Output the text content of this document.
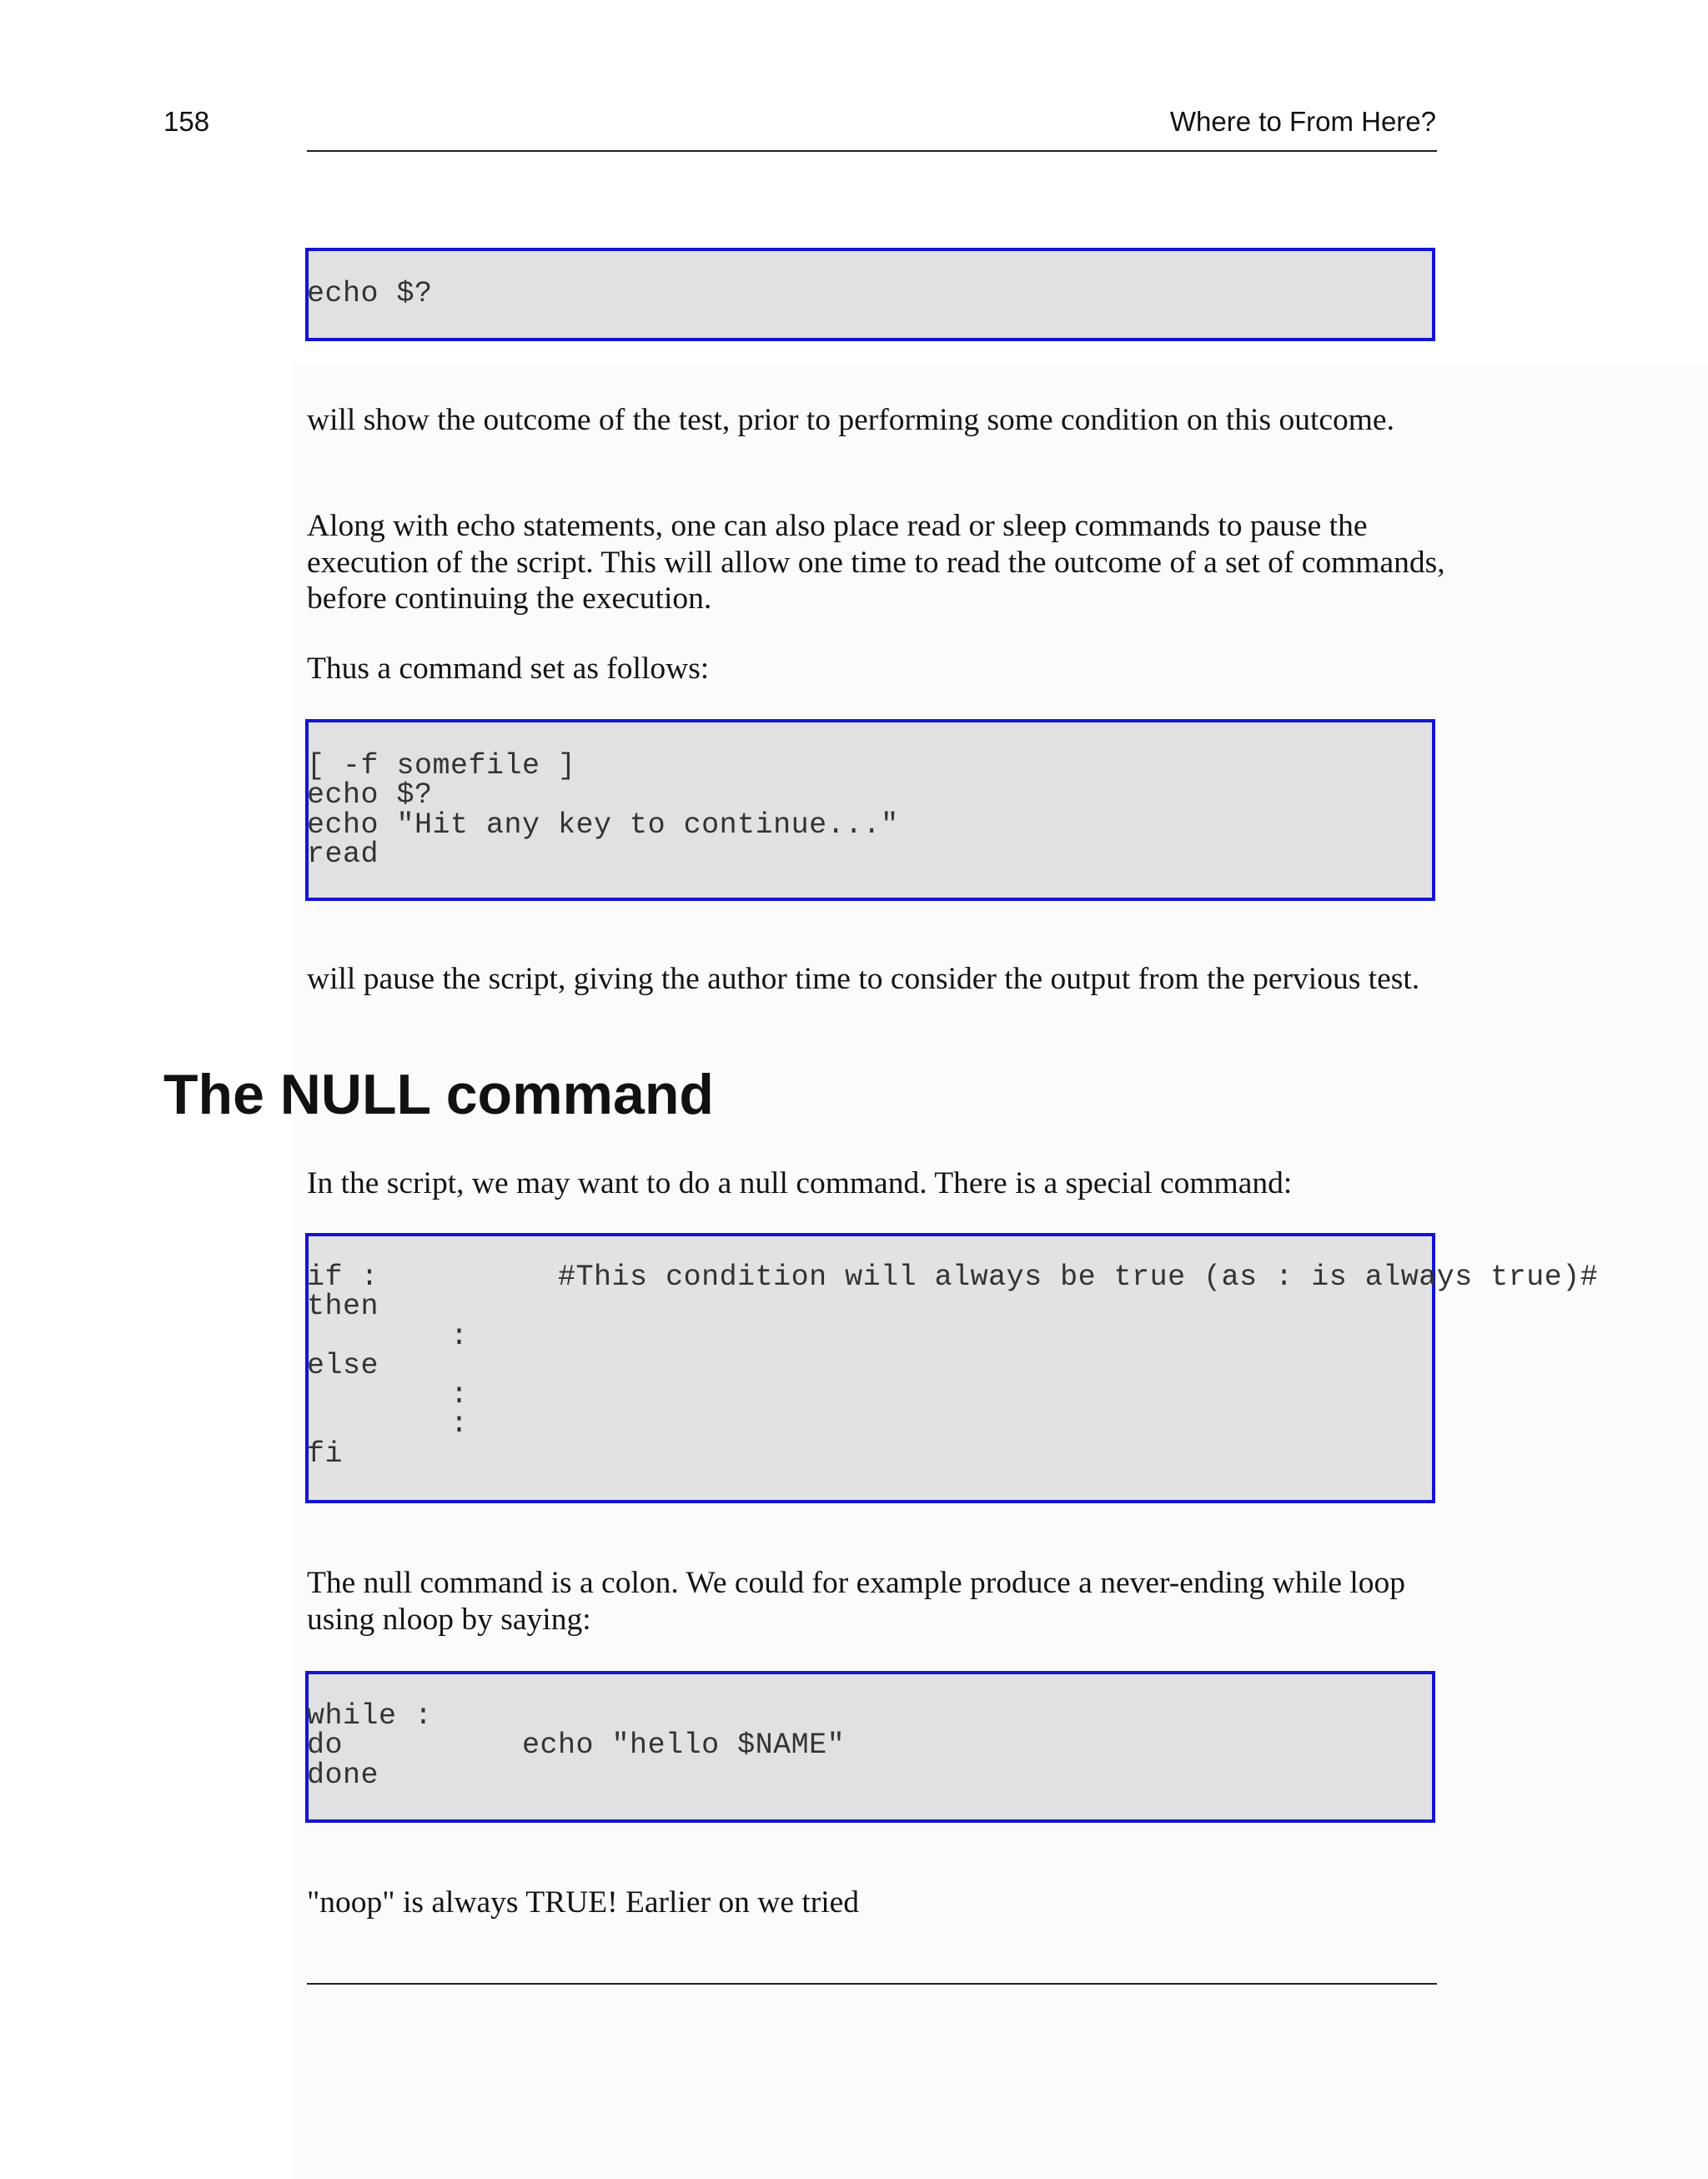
158	Where to From Here?
echo $?

will show the outcome of the test, prior to performing some condition on this outcome.

Along with echo statements, one can also place read or sleep commands to pause the execution of the script. This will allow one time to read the outcome of a set of commands, before continuing the execution.

Thus a command set as follows:

[ -f somefile ]
echo $?
echo "Hit any key to continue..."
read

will pause the script, giving the author time to consider the output from the pervious test.

The NULL command

In the script, we may want to do a null command. There is a special command:

if :          #This condition will always be true (as : is always true)#
then
:
else
:
:
fi

The null command is a colon. We could for example produce a never-ending while loop using nloop by saying:

while :
do          echo "hello $NAME"
done

"noop" is always TRUE! Earlier on we tried
